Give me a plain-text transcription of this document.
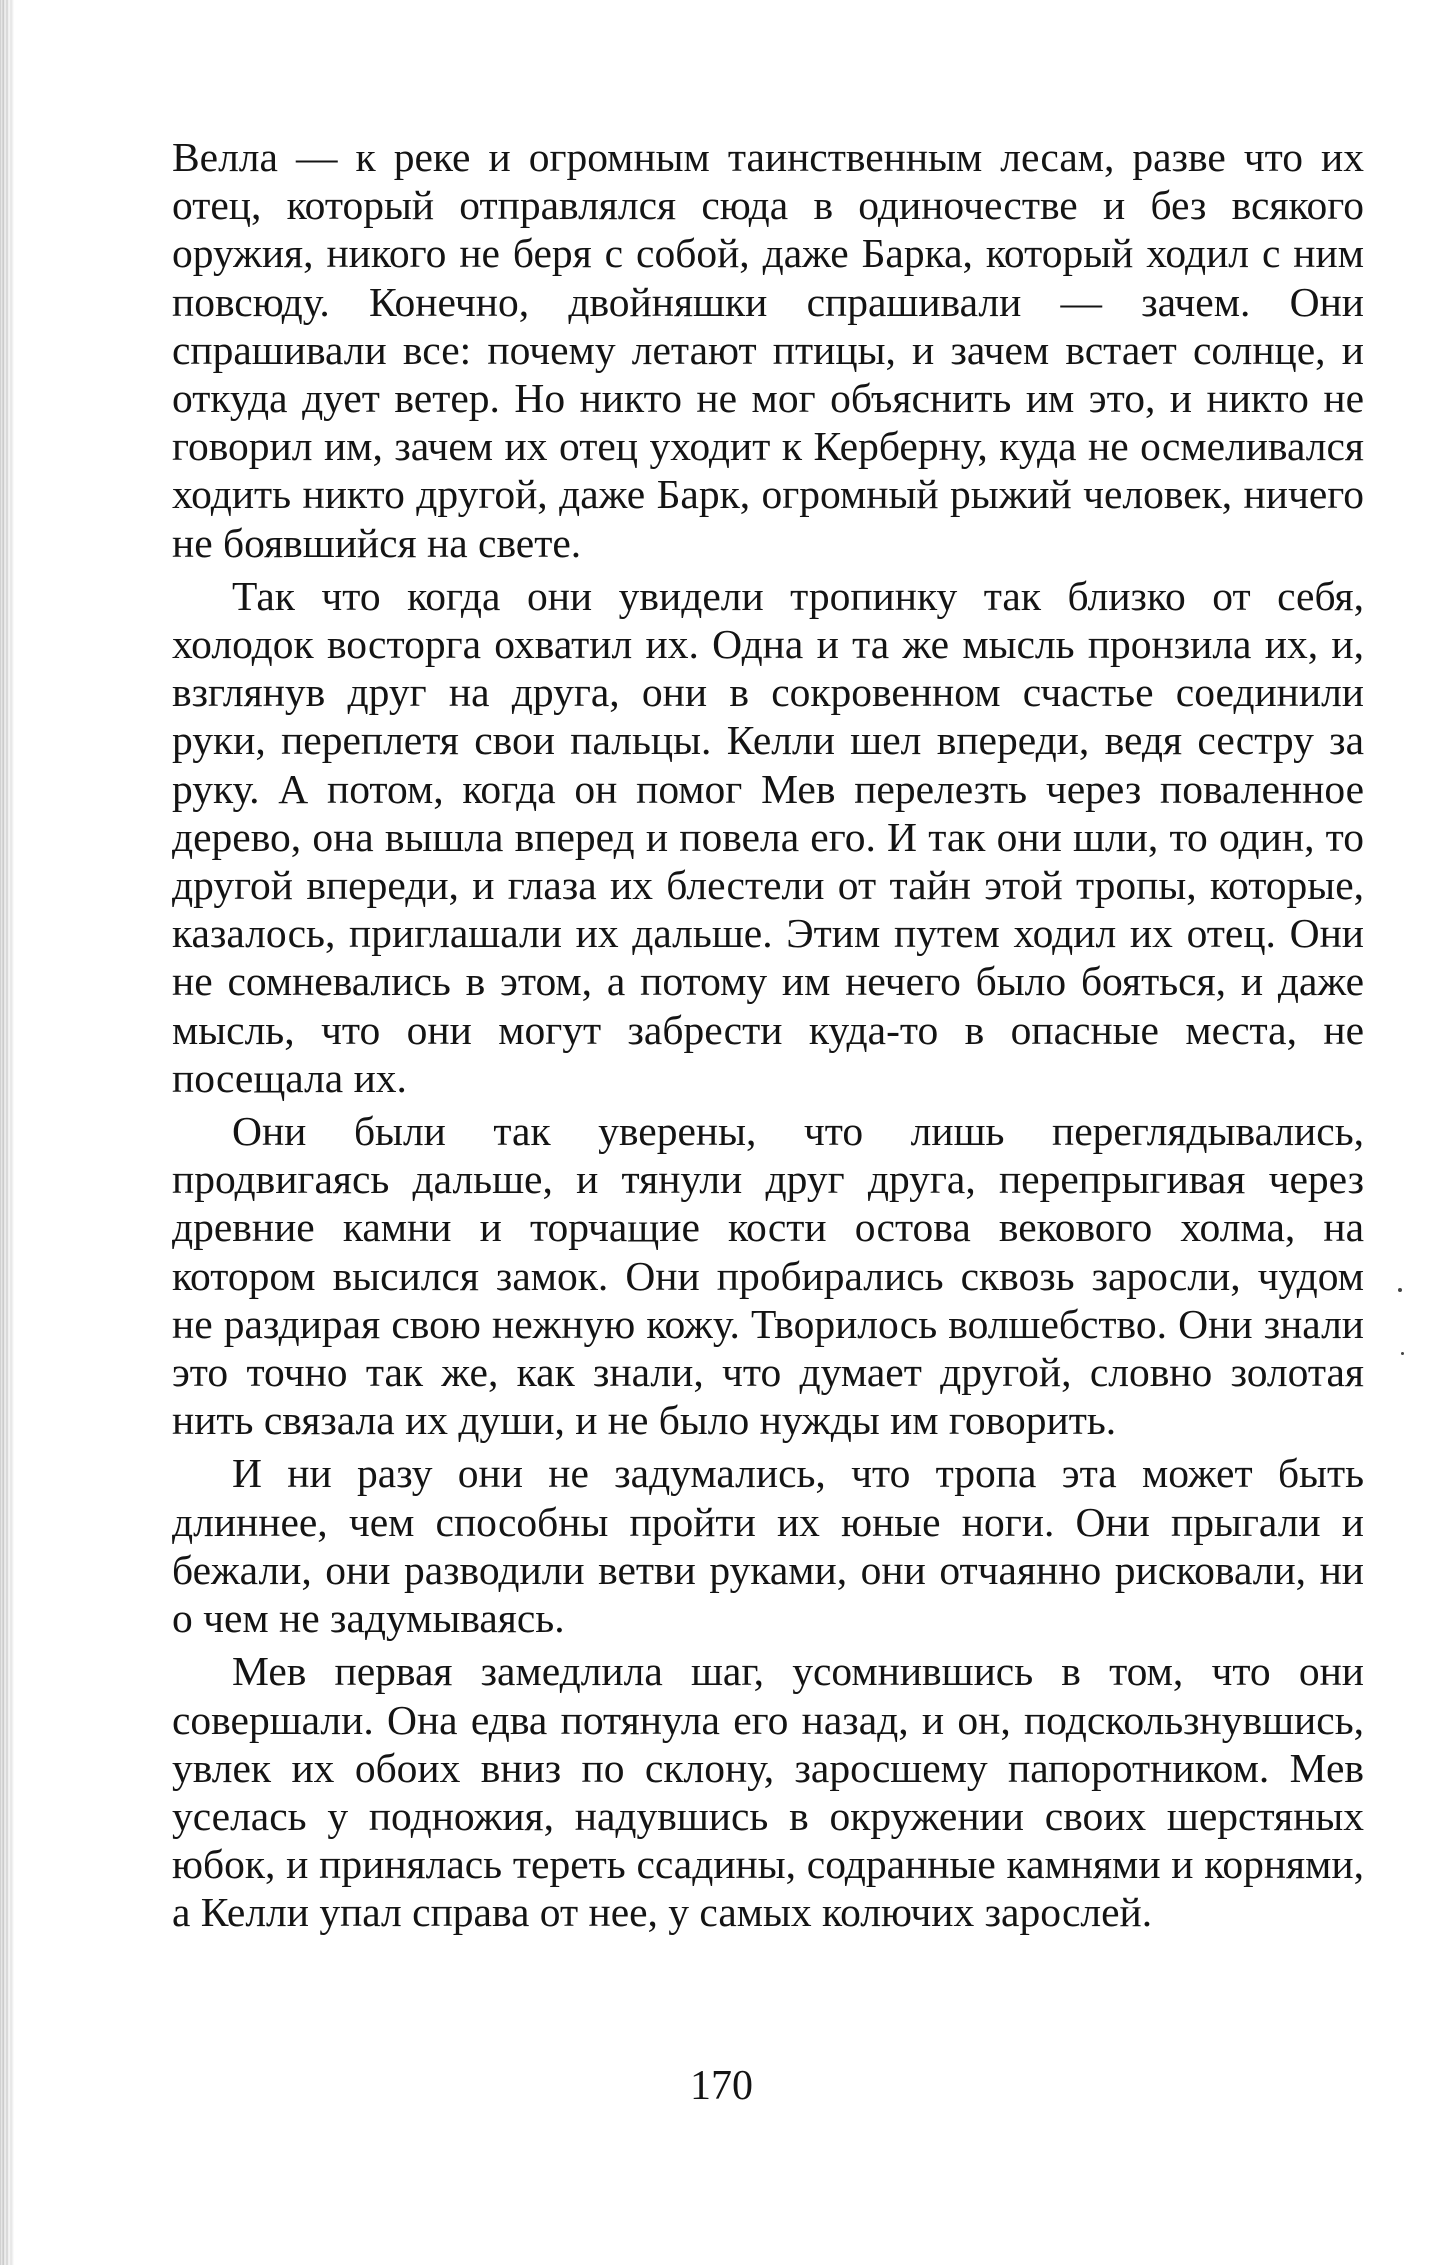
Велла — к реке и огромным таинственным лесам, разве что их отец, который отправлялся сюда в одиночестве и без всякого оружия, никого не беря с собой, даже Барка, который ходил с ним повсюду. Конечно, двойняшки спрашивали — зачем. Они спрашивали все: почему летают птицы, и зачем встает солнце, и откуда дует ветер. Но никто не мог объяснить им это, и никто не говорил им, зачем их отец уходит к Керберну, куда не осмеливался ходить никто другой, даже Барк, огромный рыжий человек, ничего не боявшийся на свете.

Так что когда они увидели тропинку так близко от себя, холодок восторга охватил их. Одна и та же мысль пронзила их, и, взглянув друг на друга, они в сокровенном счастье соединили руки, переплетя свои пальцы. Келли шел впереди, ведя сестру за руку. А потом, когда он помог Мев перелезть через поваленное дерево, она вышла вперед и повела его. И так они шли, то один, то другой впереди, и глаза их блестели от тайн этой тропы, которые, казалось, приглашали их дальше. Этим путем ходил их отец. Они не сомневались в этом, а потому им нечего было бояться, и даже мысль, что они могут забрести куда-то в опасные места, не посещала их.

Они были так уверены, что лишь переглядывались, продвигаясь дальше, и тянули друг друга, перепрыгивая через древние камни и торчащие кости остова векового холма, на котором высился замок. Они пробирались сквозь заросли, чудом не раздирая свою нежную кожу. Творилось волшебство. Они знали это точно так же, как знали, что думает другой, словно золотая нить связала их души, и не было нужды им говорить.

И ни разу они не задумались, что тропа эта может быть длиннее, чем способны пройти их юные ноги. Они прыгали и бежали, они разводили ветви руками, они отчаянно рисковали, ни о чем не задумываясь.

Мев первая замедлила шаг, усомнившись в том, что они совершали. Она едва потянула его назад, и он, подскользнувшись, увлек их обоих вниз по склону, заросшему папоротником. Мев уселась у подножия, надувшись в окружении своих шерстяных юбок, и принялась тереть ссадины, содранные камнями и корнями, а Келли упал справа от нее, у самых колючих зарослей.

170
